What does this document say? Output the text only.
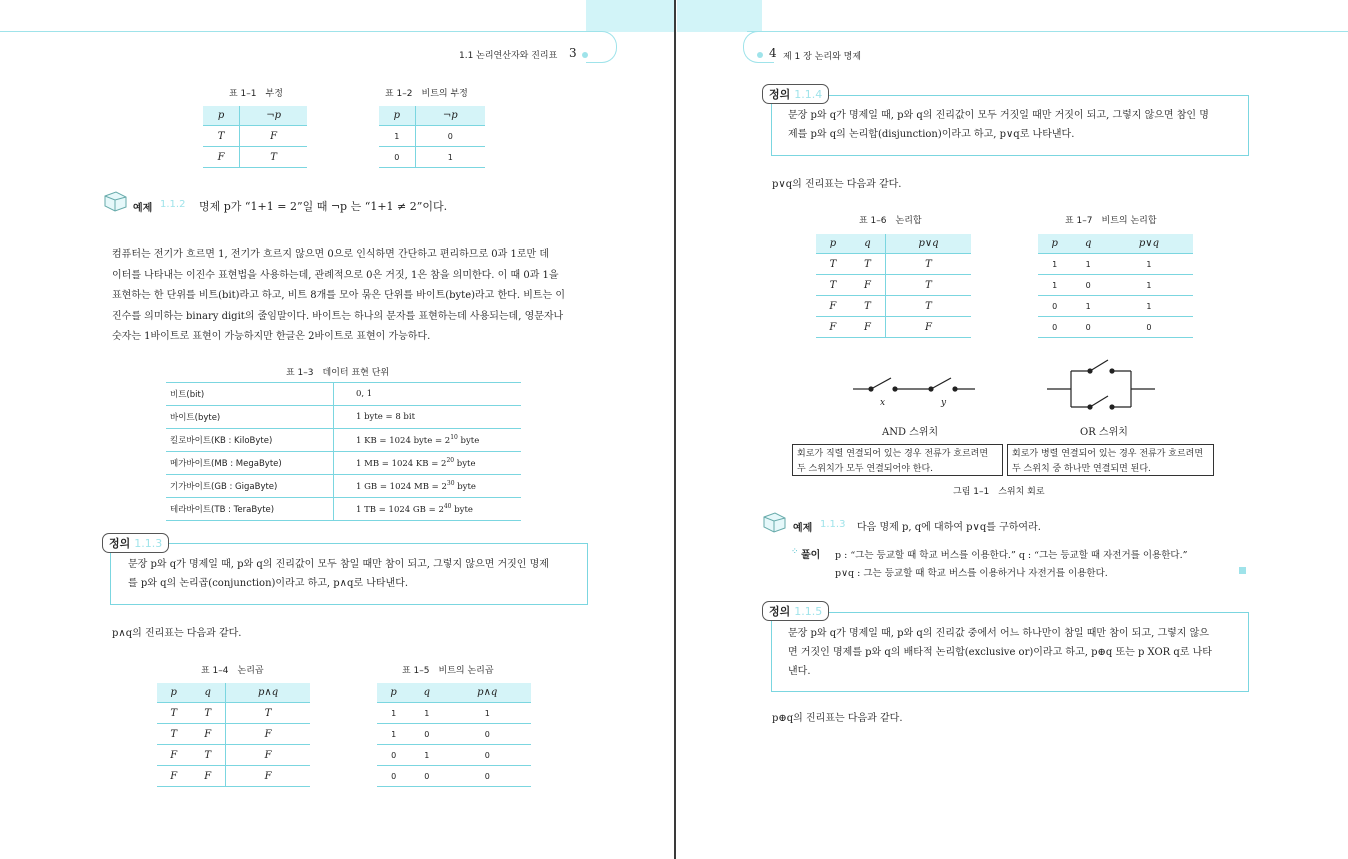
1.1 논리연산자와 진리표 3
표 1–1　부정
p	¬p
T	F
F	T
표 1–2　비트의 부정
p	¬p
1	0
0	1
예제 1.1.2 명제 p가 “1+1 = 2”일 때 ¬p 는 “1+1 ≠ 2”이다.
컴퓨터는 전기가 흐르면 1, 전기가 흐르지 않으면 0으로 인식하면 간단하고 편리하므로 0과 1로만 데
이터를 나타내는 이진수 표현법을 사용하는데, 관례적으로 0은 거짓, 1은 참을 의미한다. 이 때 0과 1을
표현하는 한 단위를 비트(bit)라고 하고, 비트 8개를 모아 묶은 단위를 바이트(byte)라고 한다. 비트는 이
진수를 의미하는 binary digit의 줄임말이다. 바이트는 하나의 문자를 표현하는데 사용되는데, 영문자나
숫자는 1바이트로 표현이 가능하지만 한글은 2바이트로 표현이 가능하다.
표 1–3　데이터 표현 단위
비트(bit)	0, 1
바이트(byte)	1 byte = 8 bit
킬로바이트(KB : KiloByte)	1 KB = 1024 byte = $2^{10}$ byte
메가바이트(MB : MegaByte)	1 MB = 1024 KB = $2^{20}$ byte
기가바이트(GB : GigaByte)	1 GB = 1024 MB = $2^{30}$ byte
테라바이트(TB : TeraByte)	1 TB = 1024 GB = $2^{40}$ byte
정의 1.1.3
문장 p와 q가 명제일 때, p와 q의 진리값이 모두 참일 때만 참이 되고, 그렇지 않으면 거짓인 명제
를 p와 q의 논리곱(conjunction)이라고 하고, p∧q로 나타낸다.
p∧q의 진리표는 다음과 같다.
표 1–4　논리곱
p	q	p∧q
T	T	T
T	F	F
F	T	F
F	F	F
표 1–5　비트의 논리곱
p	q	p∧q
1	1	1
1	0	0
0	1	0
0	0	0
4 제 1 장 논리와 명제
정의 1.1.4
문장 p와 q가 명제일 때, p와 q의 진리값이 모두 거짓일 때만 거짓이 되고, 그렇지 않으면 참인 명
제를 p와 q의 논리합(disjunction)이라고 하고, p∨q로 나타낸다.
p∨q의 진리표는 다음과 같다.
표 1–6　논리합
p	q	p∨q
T	T	T
T	F	T
F	T	T
F	F	F
표 1–7　비트의 논리합
p	q	p∨q
1	1	1
1	0	1
0	1	1
0	0	0
x	y
AND 스위치	OR 스위치
회로가 직렬 연결되어 있는 경우 전류가 흐르려면 두 스위치가 모두 연결되어야 한다.
회로가 병렬 연결되어 있는 경우 전류가 흐르려면 두 스위치 중 하나만 연결되면 된다.
그림 1–1　스위치 회로
예제 1.1.3 다음 명제 p, q에 대하여 p∨q를 구하여라.
⁘ 풀이 p : “그는 등교할 때 학교 버스를 이용한다.” q : “그는 등교할 때 자전거를 이용한다.”
p∨q : 그는 등교할 때 학교 버스를 이용하거나 자전거를 이용한다.
정의 1.1.5
문장 p와 q가 명제일 때, p와 q의 진리값 중에서 어느 하나만이 참일 때만 참이 되고, 그렇지 않으
면 거짓인 명제를 p와 q의 배타적 논리합(exclusive or)이라고 하고, p⊕q 또는 p XOR q로 나타
낸다.
p⊕q의 진리표는 다음과 같다.
